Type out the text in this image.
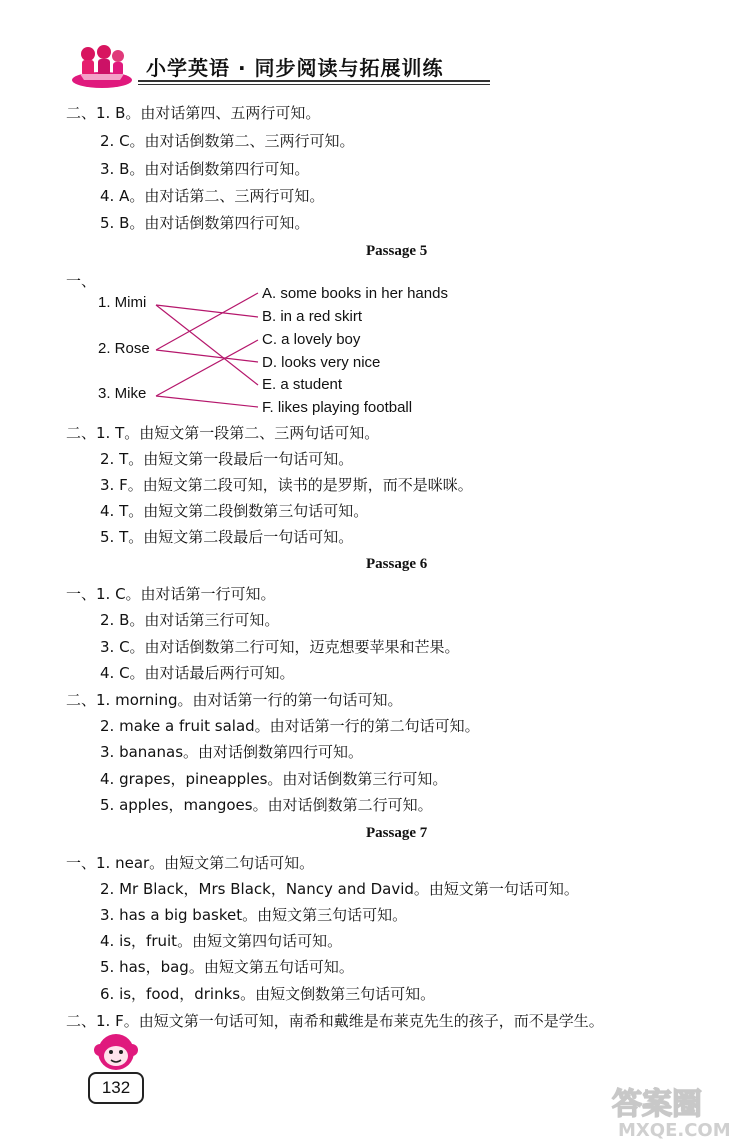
小学英语 · 同步阅读与拓展训练
二、1. B。由对话第四、五两行可知。
2. C。由对话倒数第二、三两行可知。
3. B。由对话倒数第四行可知。
4. A。由对话第二、三两行可知。
5. B。由对话倒数第四行可知。
Passage 5
一、
1. Mimi
2. Rose
3. Mike
A. some books in her hands
B. in a red skirt
C. a lovely boy
D. looks very nice
E. a student
F. likes playing football
二、1. T。由短文第一段第二、三两句话可知。
2. T。由短文第一段最后一句话可知。
3. F。由短文第二段可知，读书的是罗斯，而不是咪咪。
4. T。由短文第二段倒数第三句话可知。
5. T。由短文第二段最后一句话可知。
Passage 6
一、1. C。由对话第一行可知。
2. B。由对话第三行可知。
3. C。由对话倒数第二行可知，迈克想要苹果和芒果。
4. C。由对话最后两行可知。
二、1. morning。由对话第一行的第一句话可知。
2. make a fruit salad。由对话第一行的第二句话可知。
3. bananas。由对话倒数第四行可知。
4. grapes，pineapples。由对话倒数第三行可知。
5. apples，mangoes。由对话倒数第二行可知。
Passage 7
一、1. near。由短文第二句话可知。
2. Mr Black，Mrs Black，Nancy and David。由短文第一句话可知。
3. has a big basket。由短文第三句话可知。
4. is，fruit。由短文第四句话可知。
5. has，bag。由短文第五句话可知。
6. is，food，drinks。由短文倒数第三句话可知。
二、1. F。由短文第一句话可知，南希和戴维是布莱克先生的孩子，而不是学生。
132	答案圈
MXQE.COM
